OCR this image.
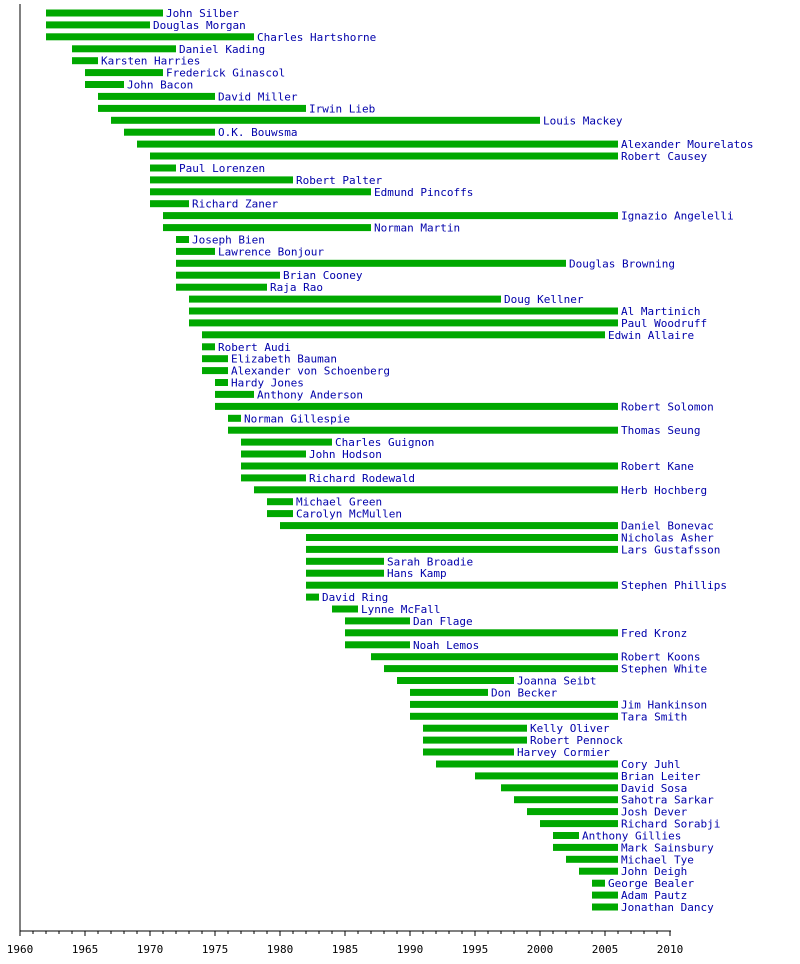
John Silber
Douglas Morgan
Charles Hartshorne
Daniel Kading
Karsten Harries
Frederick Ginascol
John Bacon
David Miller
Irwin Lieb
Louis Mackey
O.K. Bouwsma
Alexander Mourelatos
Robert Causey
Paul Lorenzen
Robert Palter
Edmund Pincoffs
Richard Zaner
Ignazio Angelelli
Norman Martin
Joseph Bien
Lawrence Bonjour
Douglas Browning
Brian Cooney
Raja Rao
Doug Kellner
Al Martinich
Paul Woodruff
Edwin Allaire
Robert Audi
Elizabeth Bauman
Alexander von Schoenberg
Hardy Jones
Anthony Anderson
Robert Solomon
Norman Gillespie
Thomas Seung
Charles Guignon
John Hodson
Robert Kane
Richard Rodewald
Herb Hochberg
Michael Green
Carolyn McMullen
Daniel Bonevac
Nicholas Asher
Lars Gustafsson
Sarah Broadie
Hans Kamp
Stephen Phillips
David Ring
Lynne McFall
Dan Flage
Fred Kronz
Noah Lemos
Robert Koons
Stephen White
Joanna Seibt
Don Becker
Jim Hankinson
Tara Smith
Kelly Oliver
Robert Pennock
Harvey Cormier
Cory Juhl
Brian Leiter
David Sosa
Sahotra Sarkar
Josh Dever
Richard Sorabji
Anthony Gillies
Mark Sainsbury
Michael Tye
John Deigh
George Bealer
Adam Pautz
Jonathan Dancy
1960	1965	1970	1975	1980	1985	1990	1995	2000	2005	2010
